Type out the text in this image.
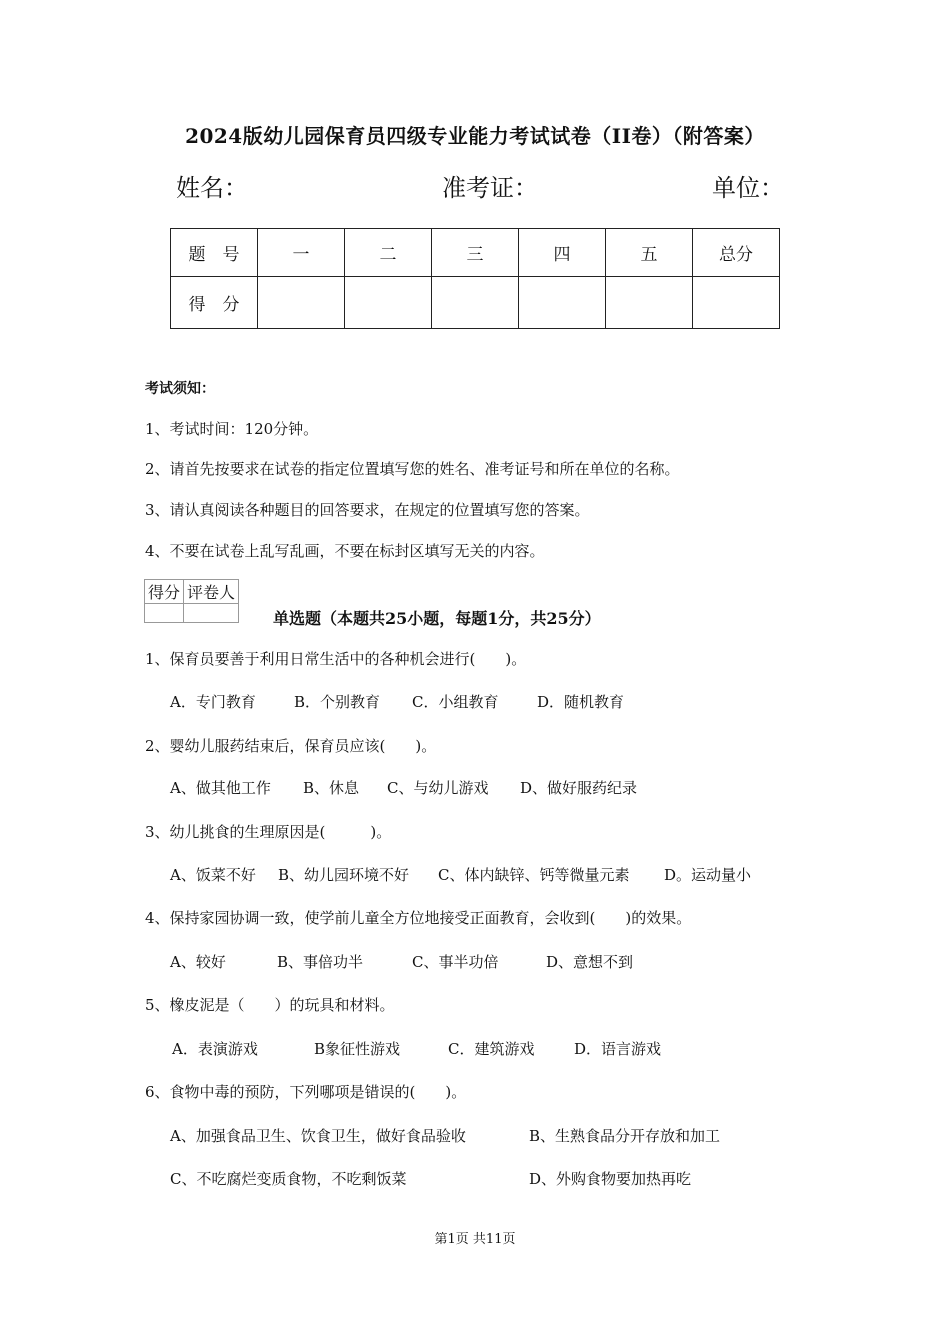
2024版幼儿园保育员四级专业能力考试试卷（II卷）（附答案）
姓名：	准考证：	单位：
题　号	一	二	三	四	五	总分
得　分						
考试须知：
1、考试时间：120分钟。
2、请首先按要求在试卷的指定位置填写您的姓名、准考证号和所在单位的名称。
3、请认真阅读各种题目的回答要求，在规定的位置填写您的答案。
4、不要在试卷上乱写乱画，不要在标封区填写无关的内容。
得分	评卷人

单选题（本题共25小题，每题1分，共25分）
1、保育员要善于利用日常生活中的各种机会进行(　　)。
A．专门教育	B．个别教育 C．小组教育	D．随机教育
2、婴幼儿服药结束后，保育员应该(　　)。
A、做其他工作 B、休息 C、与幼儿游戏 D、做好服药纪录
3、幼儿挑食的生理原因是(　　　)。
A、饭菜不好 B、幼儿园环境不好 C、体内缺锌、钙等微量元素 D。运动量小
4、保持家园协调一致，使学前儿童全方位地接受正面教育，会收到(　　)的效果。
A、较好	B、事倍功半	C、事半功倍	D、意想不到
5、橡皮泥是（　　）的玩具和材料。
A．表演游戏	B象征性游戏	C．建筑游戏	D．语言游戏
6、食物中毒的预防，下列哪项是错误的(　　)。
A、加强食品卫生、饮食卫生，做好食品验收	B、生熟食品分开存放和加工
C、不吃腐烂变质食物，不吃剩饭菜	D、外购食物要加热再吃
第1页 共11页
